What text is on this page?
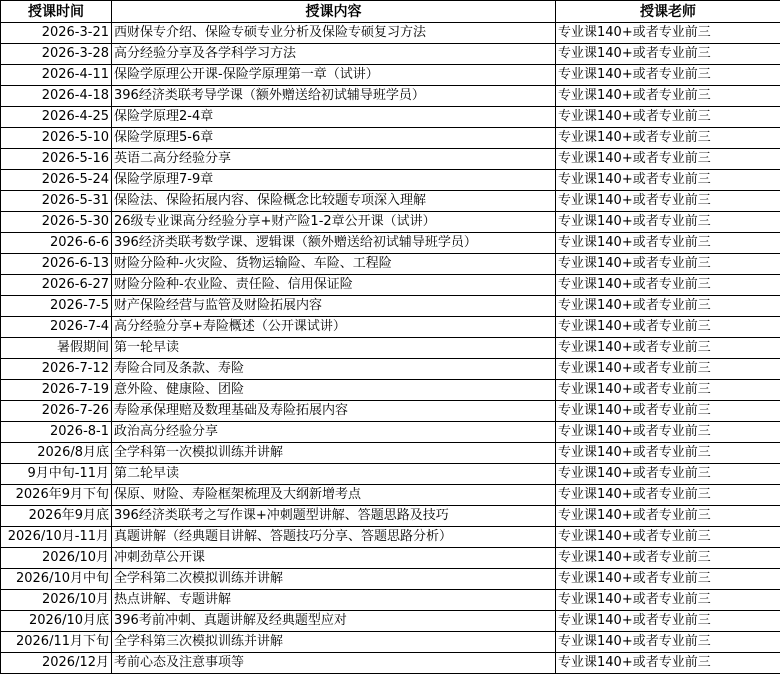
授课时间	授课内容	授课老师
2026-3-21	西财保专介绍、保险专硕专业分析及保险专硕复习方法	专业课140+或者专业前三
2026-3-28	高分经验分享及各学科学习方法	专业课140+或者专业前三
2026-4-11	保险学原理公开课-保险学原理第一章（试讲）	专业课140+或者专业前三
2026-4-18	396经济类联考导学课（额外赠送给初试辅导班学员）	专业课140+或者专业前三
2026-4-25	保险学原理2-4章	专业课140+或者专业前三
2026-5-10	保险学原理5-6章	专业课140+或者专业前三
2026-5-16	英语二高分经验分享	专业课140+或者专业前三
2026-5-24	保险学原理7-9章	专业课140+或者专业前三
2026-5-31	保险法、保险拓展内容、保险概念比较题专项深入理解	专业课140+或者专业前三
2026-5-30	26级专业课高分经验分享+财产险1-2章公开课（试讲）	专业课140+或者专业前三
2026-6-6	396经济类联考数学课、逻辑课（额外赠送给初试辅导班学员）	专业课140+或者专业前三
2026-6-13	财险分险种-火灾险、货物运输险、车险、工程险	专业课140+或者专业前三
2026-6-27	财险分险种-农业险、责任险、信用保证险	专业课140+或者专业前三
2026-7-5	财产保险经营与监管及财险拓展内容	专业课140+或者专业前三
2026-7-4	高分经验分享+寿险概述（公开课试讲）	专业课140+或者专业前三
暑假期间	第一轮早读	专业课140+或者专业前三
2026-7-12	寿险合同及条款、寿险	专业课140+或者专业前三
2026-7-19	意外险、健康险、团险	专业课140+或者专业前三
2026-7-26	寿险承保理赔及数理基础及寿险拓展内容	专业课140+或者专业前三
2026-8-1	政治高分经验分享	专业课140+或者专业前三
2026/8月底	全学科第一次模拟训练并讲解	专业课140+或者专业前三
9月中旬-11月	第二轮早读	专业课140+或者专业前三
2026年9月下旬	保原、财险、寿险框架梳理及大纲新增考点	专业课140+或者专业前三
2026年9月底	396经济类联考之写作课+冲刺题型讲解、答题思路及技巧	专业课140+或者专业前三
2026/10月-11月	真题讲解（经典题目讲解、答题技巧分享、答题思路分析）	专业课140+或者专业前三
2026/10月	冲刺劲草公开课	专业课140+或者专业前三
2026/10月中旬	全学科第二次模拟训练并讲解	专业课140+或者专业前三
2026/10月	热点讲解、专题讲解	专业课140+或者专业前三
2026/10月底	396考前冲刺、真题讲解及经典题型应对	专业课140+或者专业前三
2026/11月下旬	全学科第三次模拟训练并讲解	专业课140+或者专业前三
2026/12月	考前心态及注意事项等	专业课140+或者专业前三
